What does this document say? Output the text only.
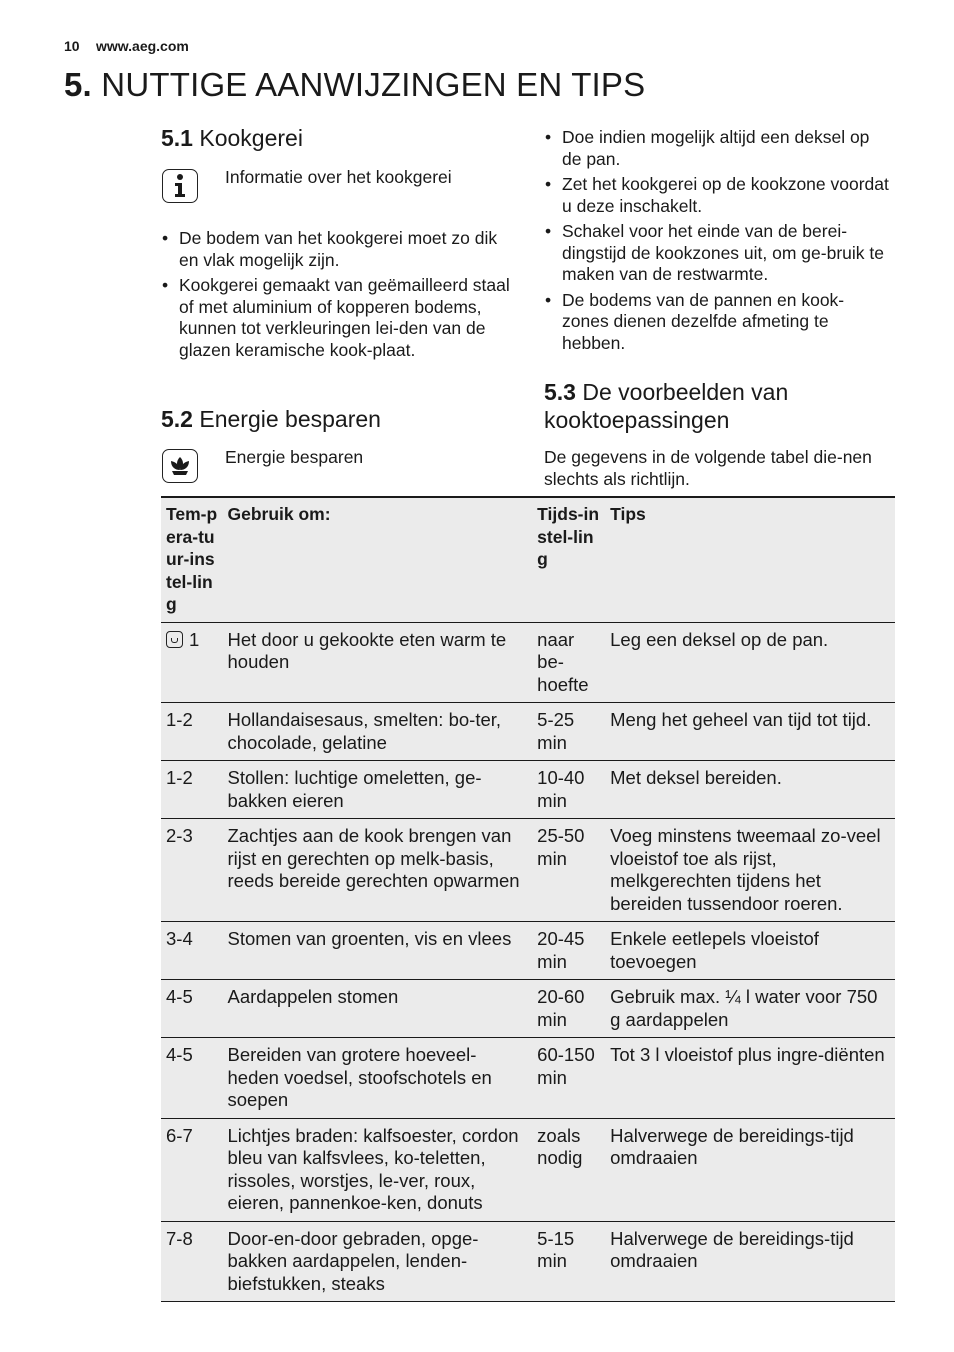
10 www.aeg.com
5. NUTTIGE AANWIJZINGEN EN TIPS
5.1 Kookgerei
Informatie over het kookgerei
• De bodem van het kookgerei moet zo dik en vlak mogelijk zijn.
• Kookgerei gemaakt van geëmailleerd staal of met aluminium of kopperen bodems, kunnen tot verkleuringen lei-den van de glazen keramische kook-plaat.
5.2 Energie besparen
Energie besparen
• Doe indien mogelijk altijd een deksel op de pan.
• Zet het kookgerei op de kookzone voordat u deze inschakelt.
• Schakel voor het einde van de berei-dingstijd de kookzones uit, om ge-bruik te maken van de restwarmte.
• De bodems van de pannen en kook-zones dienen dezelfde afmeting te hebben.
5.3 De voorbeelden van kooktoepassingen
De gegevens in de volgende tabel die-nen slechts als richtlijn.
Tem-pera-tuur-instel-ling	Gebruik om:	Tijds-instel-ling	Tips
1	Het door u gekookte eten warm te houden	naar be-hoefte	Leg een deksel op de pan.
1-2	Hollandaisesaus, smelten: bo-ter, chocolade, gelatine	5-25 min	Meng het geheel van tijd tot tijd.
1-2	Stollen: luchtige omeletten, ge-bakken eieren	10-40 min	Met deksel bereiden.
2-3	Zachtjes aan de kook brengen van rijst en gerechten op melk-basis, reeds bereide gerechten opwarmen	25-50 min	Voeg minstens tweemaal zo-veel vloeistof toe als rijst, melkgerechten tijdens het bereiden tussendoor roeren.
3-4	Stomen van groenten, vis en vlees	20-45 min	Enkele eetlepels vloeistof toevoegen
4-5	Aardappelen stomen	20-60 min	Gebruik max. ¼ l water voor 750 g aardappelen
4-5	Bereiden van grotere hoeveel-heden voedsel, stoofschotels en soepen	60-150 min	Tot 3 l vloeistof plus ingre-diënten
6-7	Lichtjes braden: kalfsoester, cordon bleu van kalfsvlees, ko-teletten, rissoles, worstjes, le-ver, roux, eieren, pannenkoe-ken, donuts	zoals nodig	Halverwege de bereidings-tijd omdraaien
7-8	Door-en-door gebraden, opge-bakken aardappelen, lenden-biefstukken, steaks	5-15 min	Halverwege de bereidings-tijd omdraaien
